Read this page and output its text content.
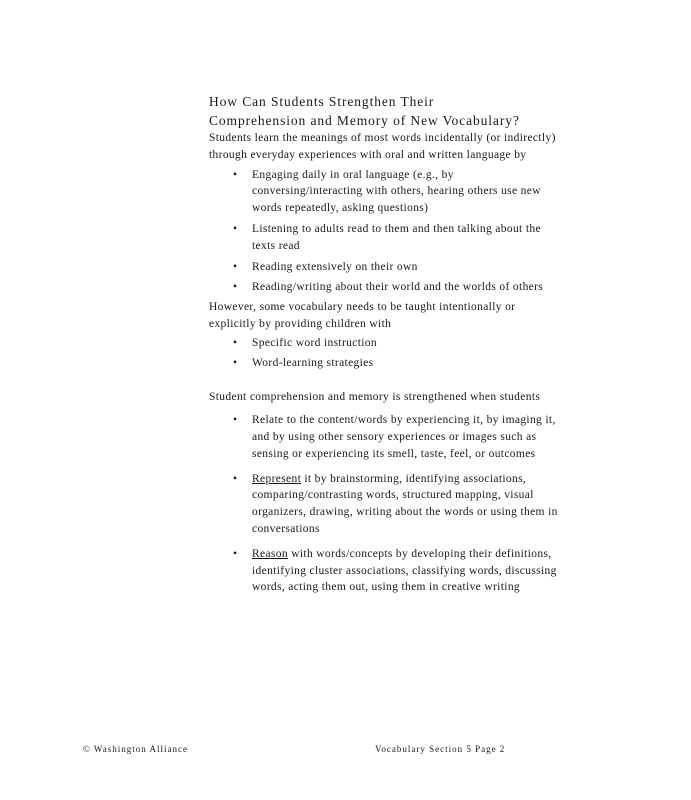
How Can Students Strengthen Their
Comprehension and Memory of New Vocabulary?

Students learn the meanings of most words incidentally (or indirectly) through everyday experiences with oral and written language by

• Engaging daily in oral language (e.g., by conversing/interacting with others, hearing others use new words repeatedly, asking questions)
• Listening to adults read to them and then talking about the texts read
• Reading extensively on their own
• Reading/writing about their world and the worlds of others

However, some vocabulary needs to be taught intentionally or explicitly by providing children with

• Specific word instruction
• Word-learning strategies

Student comprehension and memory is strengthened when students

• Relate to the content/words by experiencing it, by imaging it, and by using other sensory experiences or images such as sensing or experiencing its smell, taste, feel, or outcomes
• Represent it by brainstorming, identifying associations, comparing/contrasting words, structured mapping, visual organizers, drawing, writing about the words or using them in conversations
• Reason with words/concepts by developing their definitions, identifying cluster associations, classifying words, discussing words, acting them out, using them in creative writing
© Washington Alliance	Vocabulary Section 5 Page 2
